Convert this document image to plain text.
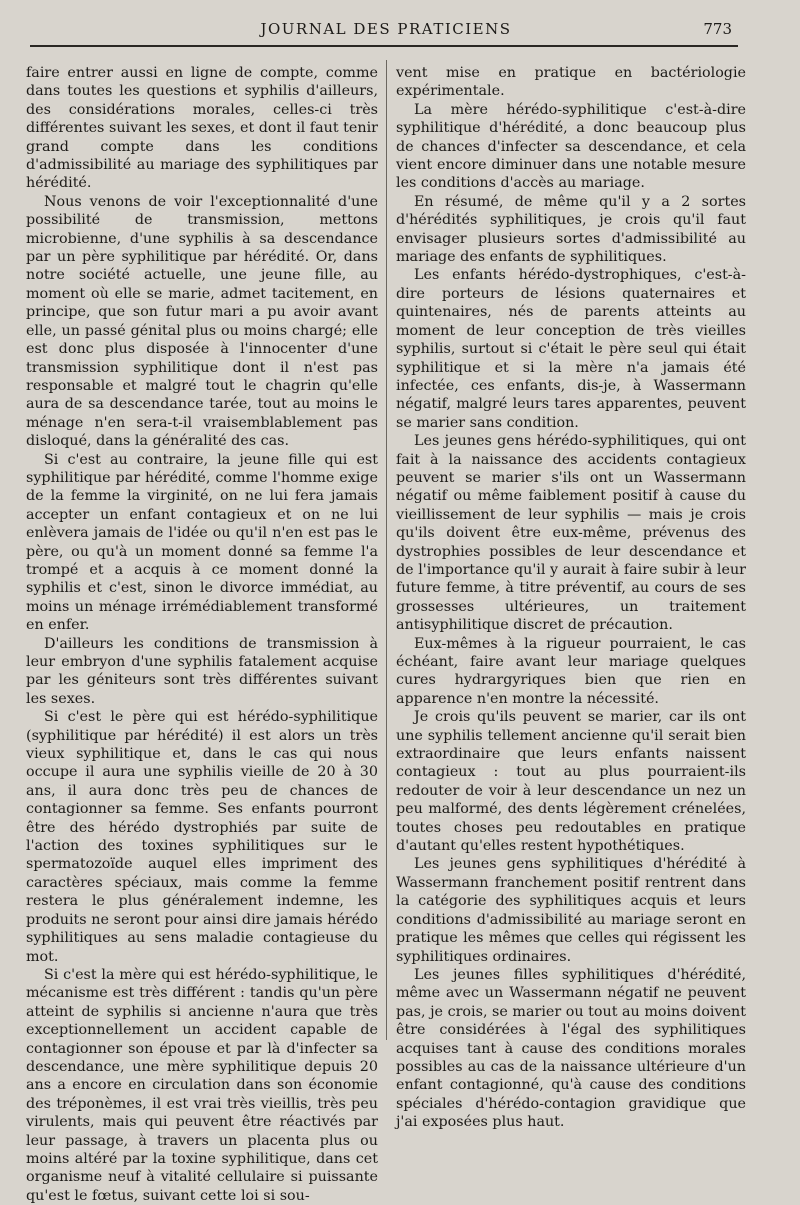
JOURNAL DES PRATICIENS	773

faire entrer aussi en ligne de compte, comme dans toutes les questions et syphilis d'ailleurs, des considérations morales, celles-ci très différentes suivant les sexes, et dont il faut tenir grand compte dans les conditions d'admissibilité au mariage des syphilitiques par hérédité.

Nous venons de voir l'exceptionnalité d'une possibilité de transmission, mettons microbienne, d'une syphilis à sa descendance par un père syphilitique par hérédité. Or, dans notre société actuelle, une jeune fille, au moment où elle se marie, admet tacitement, en principe, que son futur mari a pu avoir avant elle, un passé génital plus ou moins chargé; elle est donc plus disposée à l'innocenter d'une transmission syphilitique dont il n'est pas responsable et malgré tout le chagrin qu'elle aura de sa descendance tarée, tout au moins le ménage n'en sera-t-il vraisemblablement pas disloqué, dans la généralité des cas.

Si c'est au contraire, la jeune fille qui est syphilitique par hérédité, comme l'homme exige de la femme la virginité, on ne lui fera jamais accepter un enfant contagieux et on ne lui enlèvera jamais de l'idée ou qu'il n'en est pas le père, ou qu'à un moment donné sa femme l'a trompé et a acquis à ce moment donné la syphilis et c'est, sinon le divorce immédiat, au moins un ménage irrémédiablement transformé en enfer.

D'ailleurs les conditions de transmission à leur embryon d'une syphilis fatalement acquise par les géniteurs sont très différentes suivant les sexes.

Si c'est le père qui est hérédo-syphilitique (syphilitique par hérédité) il est alors un très vieux syphilitique et, dans le cas qui nous occupe il aura une syphilis vieille de 20 à 30 ans, il aura donc très peu de chances de contagionner sa femme. Ses enfants pourront être des hérédo dystrophiés par suite de l'action des toxines syphilitiques sur le spermatozoïde auquel elles impriment des caractères spéciaux, mais comme la femme restera le plus généralement indemne, les produits ne seront pour ainsi dire jamais hérédo syphilitiques au sens maladie contagieuse du mot.

Si c'est la mère qui est hérédo-syphilitique, le mécanisme est très différent : tandis qu'un père atteint de syphilis si ancienne n'aura que très exceptionnellement un accident capable de contagionner son épouse et par là d'infecter sa descendance, une mère syphilitique depuis 20 ans a encore en circulation dans son économie des tréponèmes, il est vrai très vieillis, très peu virulents, mais qui peuvent être réactivés par leur passage, à travers un placenta plus ou moins altéré par la toxine syphilitique, dans cet organisme neuf à vitalité cellulaire si puissante qu'est le fœtus, suivant cette loi si sou-

vent mise en pratique en bactériologie expérimentale.

La mère hérédo-syphilitique c'est-à-dire syphilitique d'hérédité, a donc beaucoup plus de chances d'infecter sa descendance, et cela vient encore diminuer dans une notable mesure les conditions d'accès au mariage.

En résumé, de même qu'il y a 2 sortes d'hérédités syphilitiques, je crois qu'il faut envisager plusieurs sortes d'admissibilité au mariage des enfants de syphilitiques.

Les enfants hérédo-dystrophiques, c'est-à-dire porteurs de lésions quaternaires et quintenaires, nés de parents atteints au moment de leur conception de très vieilles syphilis, surtout si c'était le père seul qui était syphilitique et si la mère n'a jamais été infectée, ces enfants, dis-je, à Wassermann négatif, malgré leurs tares apparentes, peuvent se marier sans condition.

Les jeunes gens hérédo-syphilitiques, qui ont fait à la naissance des accidents contagieux peuvent se marier s'ils ont un Wassermann négatif ou même faiblement positif à cause du vieillissement de leur syphilis — mais je crois qu'ils doivent être eux-même, prévenus des dystrophies possibles de leur descendance et de l'importance qu'il y aurait à faire subir à leur future femme, à titre préventif, au cours de ses grossesses ultérieures, un traitement antisyphilitique discret de précaution.

Eux-mêmes à la rigueur pourraient, le cas échéant, faire avant leur mariage quelques cures hydrargyriques bien que rien en apparence n'en montre la nécessité.

Je crois qu'ils peuvent se marier, car ils ont une syphilis tellement ancienne qu'il serait bien extraordinaire que leurs enfants naissent contagieux : tout au plus pourraient-ils redouter de voir à leur descendance un nez un peu malformé, des dents légèrement crénelées, toutes choses peu redoutables en pratique d'autant qu'elles restent hypothétiques.

Les jeunes gens syphilitiques d'hérédité à Wassermann franchement positif rentrent dans la catégorie des syphilitiques acquis et leurs conditions d'admissibilité au mariage seront en pratique les mêmes que celles qui régissent les syphilitiques ordinaires.

Les jeunes filles syphilitiques d'hérédité, même avec un Wassermann négatif ne peuvent pas, je crois, se marier ou tout au moins doivent être considérées à l'égal des syphilitiques acquises tant à cause des conditions morales possibles au cas de la naissance ultérieure d'un enfant contagionné, qu'à cause des conditions spéciales d'hérédo-contagion gravidique que j'ai exposées plus haut.
